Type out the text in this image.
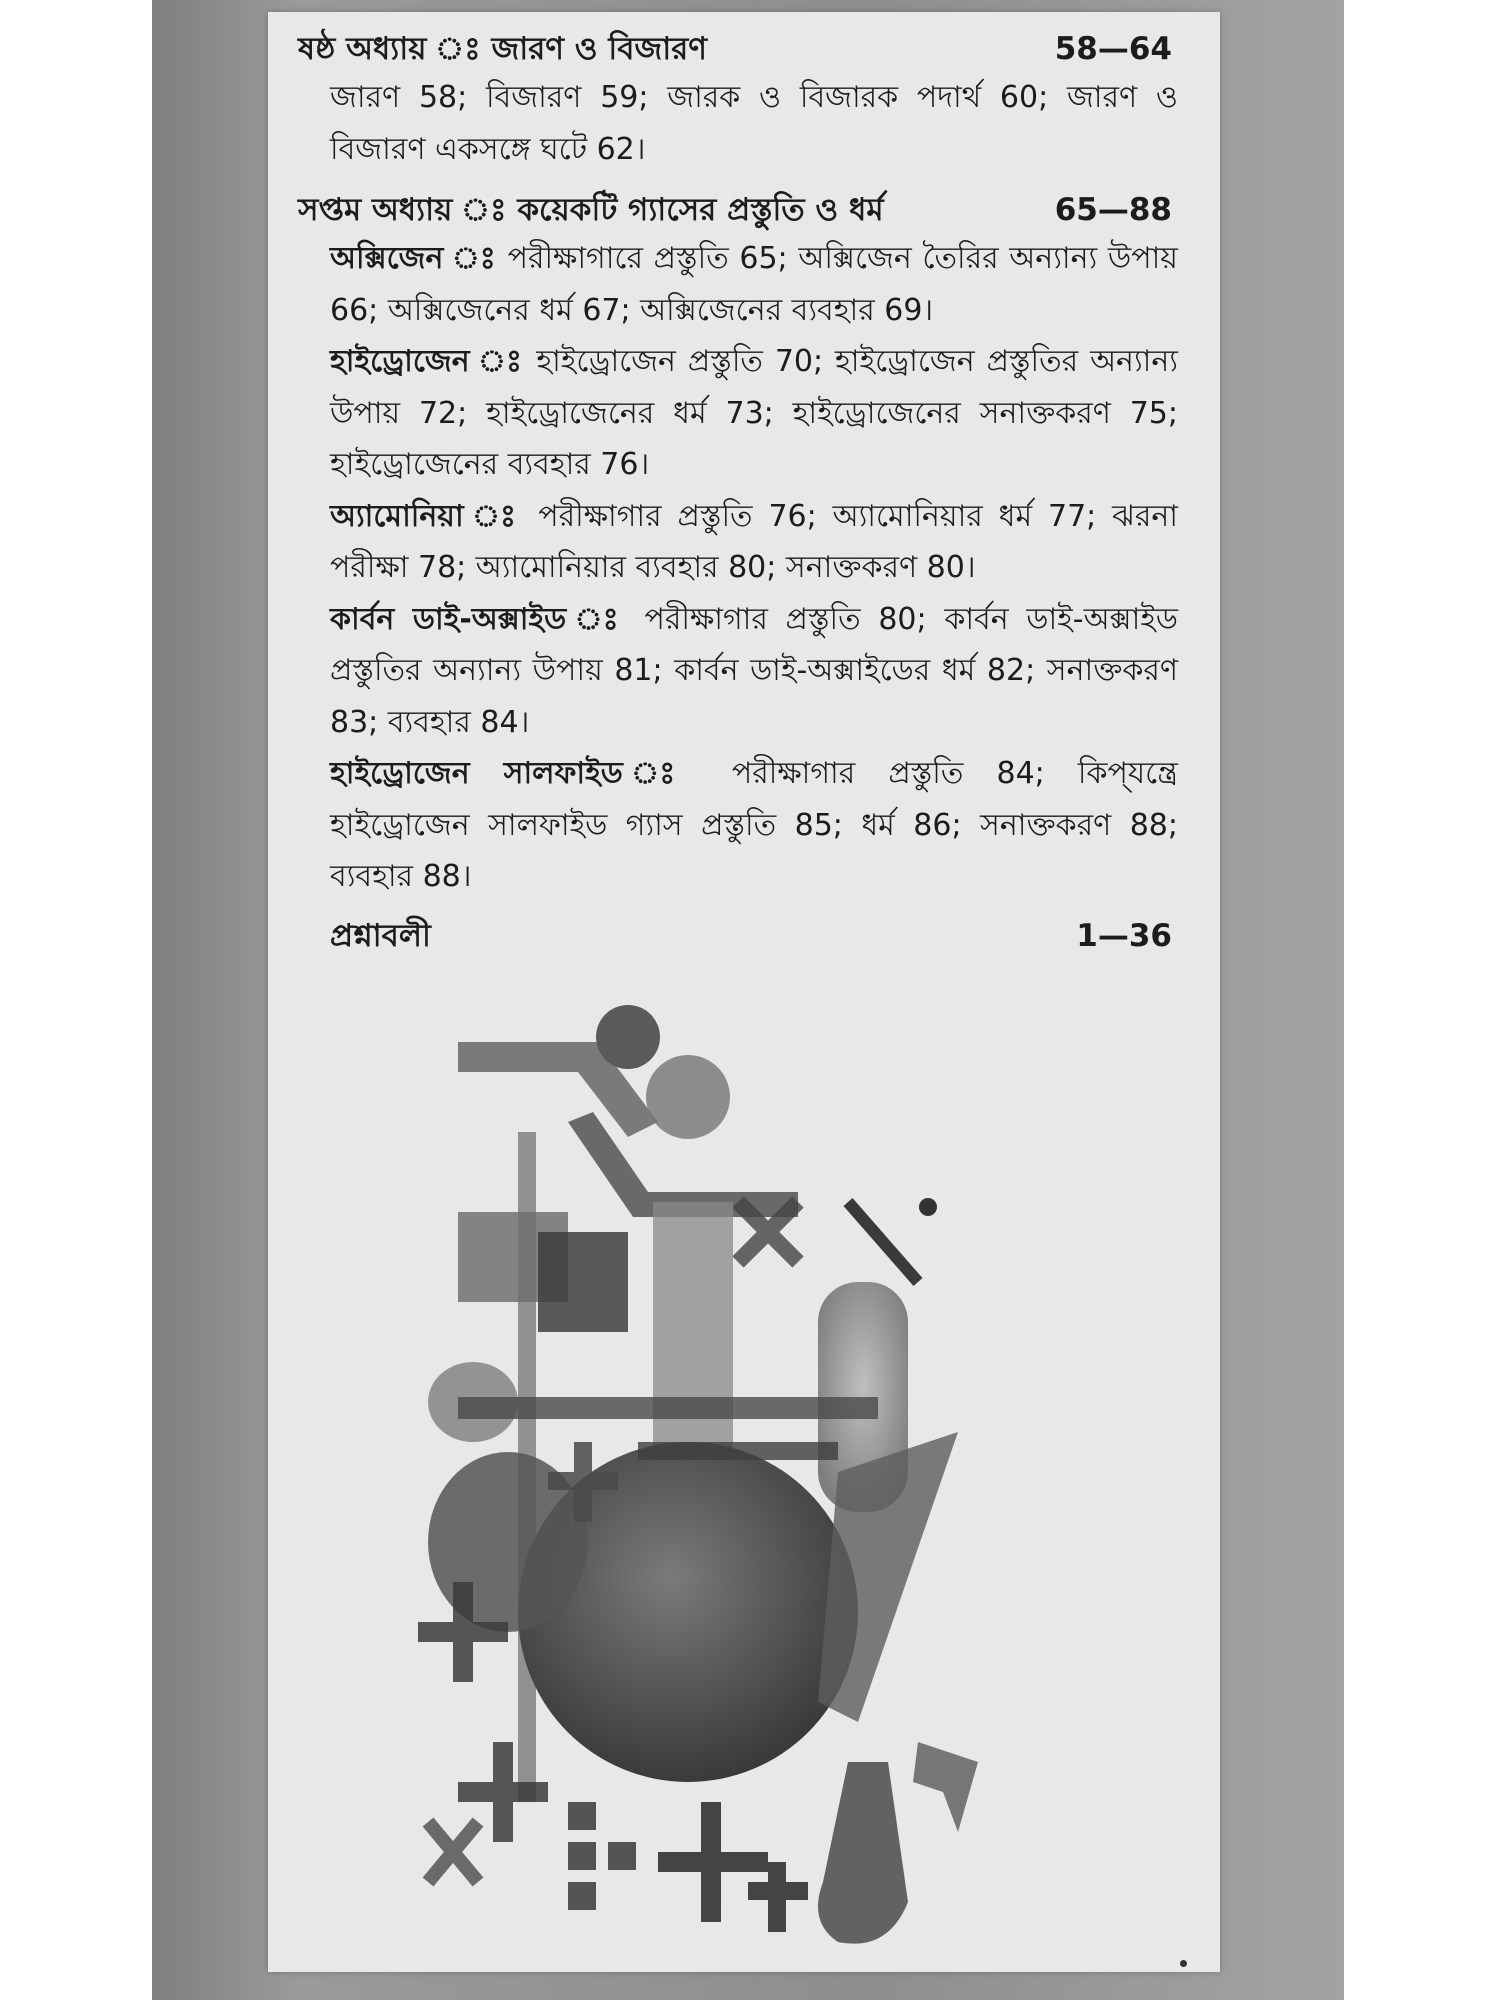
ষষ্ঠ অধ্যায় ঃ জারণ ও বিজারণ	58—64
জারণ 58; বিজারণ 59; জারক ও বিজারক পদার্থ 60; জারণ ও বিজারণ একসঙ্গে ঘটে 62।
সপ্তম অধ্যায় ঃ কয়েকটি গ্যাসের প্রস্তুতি ও ধর্ম	65—88
অক্সিজেন ঃ পরীক্ষাগারে প্রস্তুতি 65; অক্সিজেন তৈরির অন্যান্য উপায় 66; অক্সিজেনের ধর্ম 67; অক্সিজেনের ব্যবহার 69।
হাইড্রোজেন ঃ হাইড্রোজেন প্রস্তুতি 70; হাইড্রোজেন প্রস্তুতির অন্যান্য উপায় 72; হাইড্রোজেনের ধর্ম 73; হাইড্রোজেনের সনাক্তকরণ 75; হাইড্রোজেনের ব্যবহার 76।
অ্যামোনিয়া ঃ পরীক্ষাগার প্রস্তুতি 76; অ্যামোনিয়ার ধর্ম 77; ঝরনা পরীক্ষা 78; অ্যামোনিয়ার ব্যবহার 80; সনাক্তকরণ 80।
কার্বন ডাই-অক্সাইড ঃ পরীক্ষাগার প্রস্তুতি 80; কার্বন ডাই-অক্সাইড প্রস্তুতির অন্যান্য উপায় 81; কার্বন ডাই-অক্সাইডের ধর্ম 82; সনাক্তকরণ 83; ব্যবহার 84।
হাইড্রোজেন সালফাইড ঃ পরীক্ষাগার প্রস্তুতি 84; কিপ্‌যন্ত্রে হাইড্রোজেন সালফাইড গ্যাস প্রস্তুতি 85; ধর্ম 86; সনাক্তকরণ 88; ব্যবহার 88।
প্রশ্নাবলী	1—36
